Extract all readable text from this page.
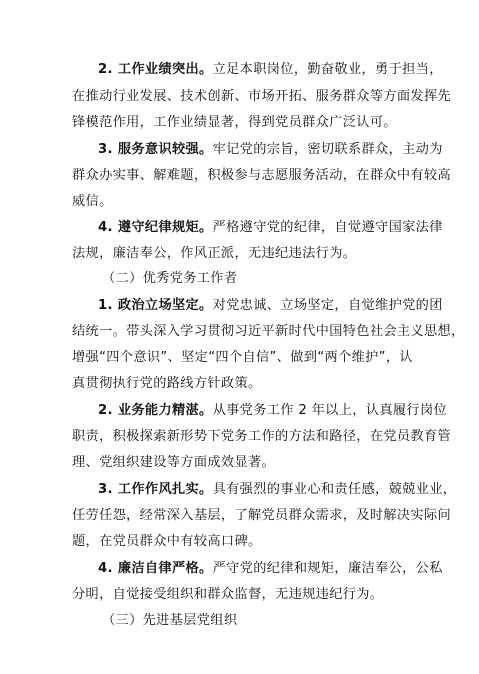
2. 工作业绩突出。立足本职岗位，勤奋敬业，勇于担当，
在推动行业发展、技术创新、市场开拓、服务群众等方面发挥先
锋模范作用，工作业绩显著，得到党员群众广泛认可。
3. 服务意识较强。牢记党的宗旨，密切联系群众，主动为
群众办实事、解难题，积极参与志愿服务活动，在群众中有较高
威信。
4. 遵守纪律规矩。严格遵守党的纪律，自觉遵守国家法律
法规，廉洁奉公，作风正派，无违纪违法行为。
（二）优秀党务工作者
1. 政治立场坚定。对党忠诚、立场坚定，自觉维护党的团
结统一。带头深入学习贯彻习近平新时代中国特色社会主义思想，
增强“四个意识”、坚定“四个自信”、做到“两个维护”，认
真贯彻执行党的路线方针政策。
2. 业务能力精湛。从事党务工作 2 年以上，认真履行岗位
职责，积极探索新形势下党务工作的方法和路径，在党员教育管
理、党组织建设等方面成效显著。
3. 工作作风扎实。具有强烈的事业心和责任感，兢兢业业，
任劳任怨，经常深入基层，了解党员群众需求，及时解决实际问
题，在党员群众中有较高口碑。
4. 廉洁自律严格。严守党的纪律和规矩，廉洁奉公，公私
分明，自觉接受组织和群众监督，无违规违纪行为。
（三）先进基层党组织
